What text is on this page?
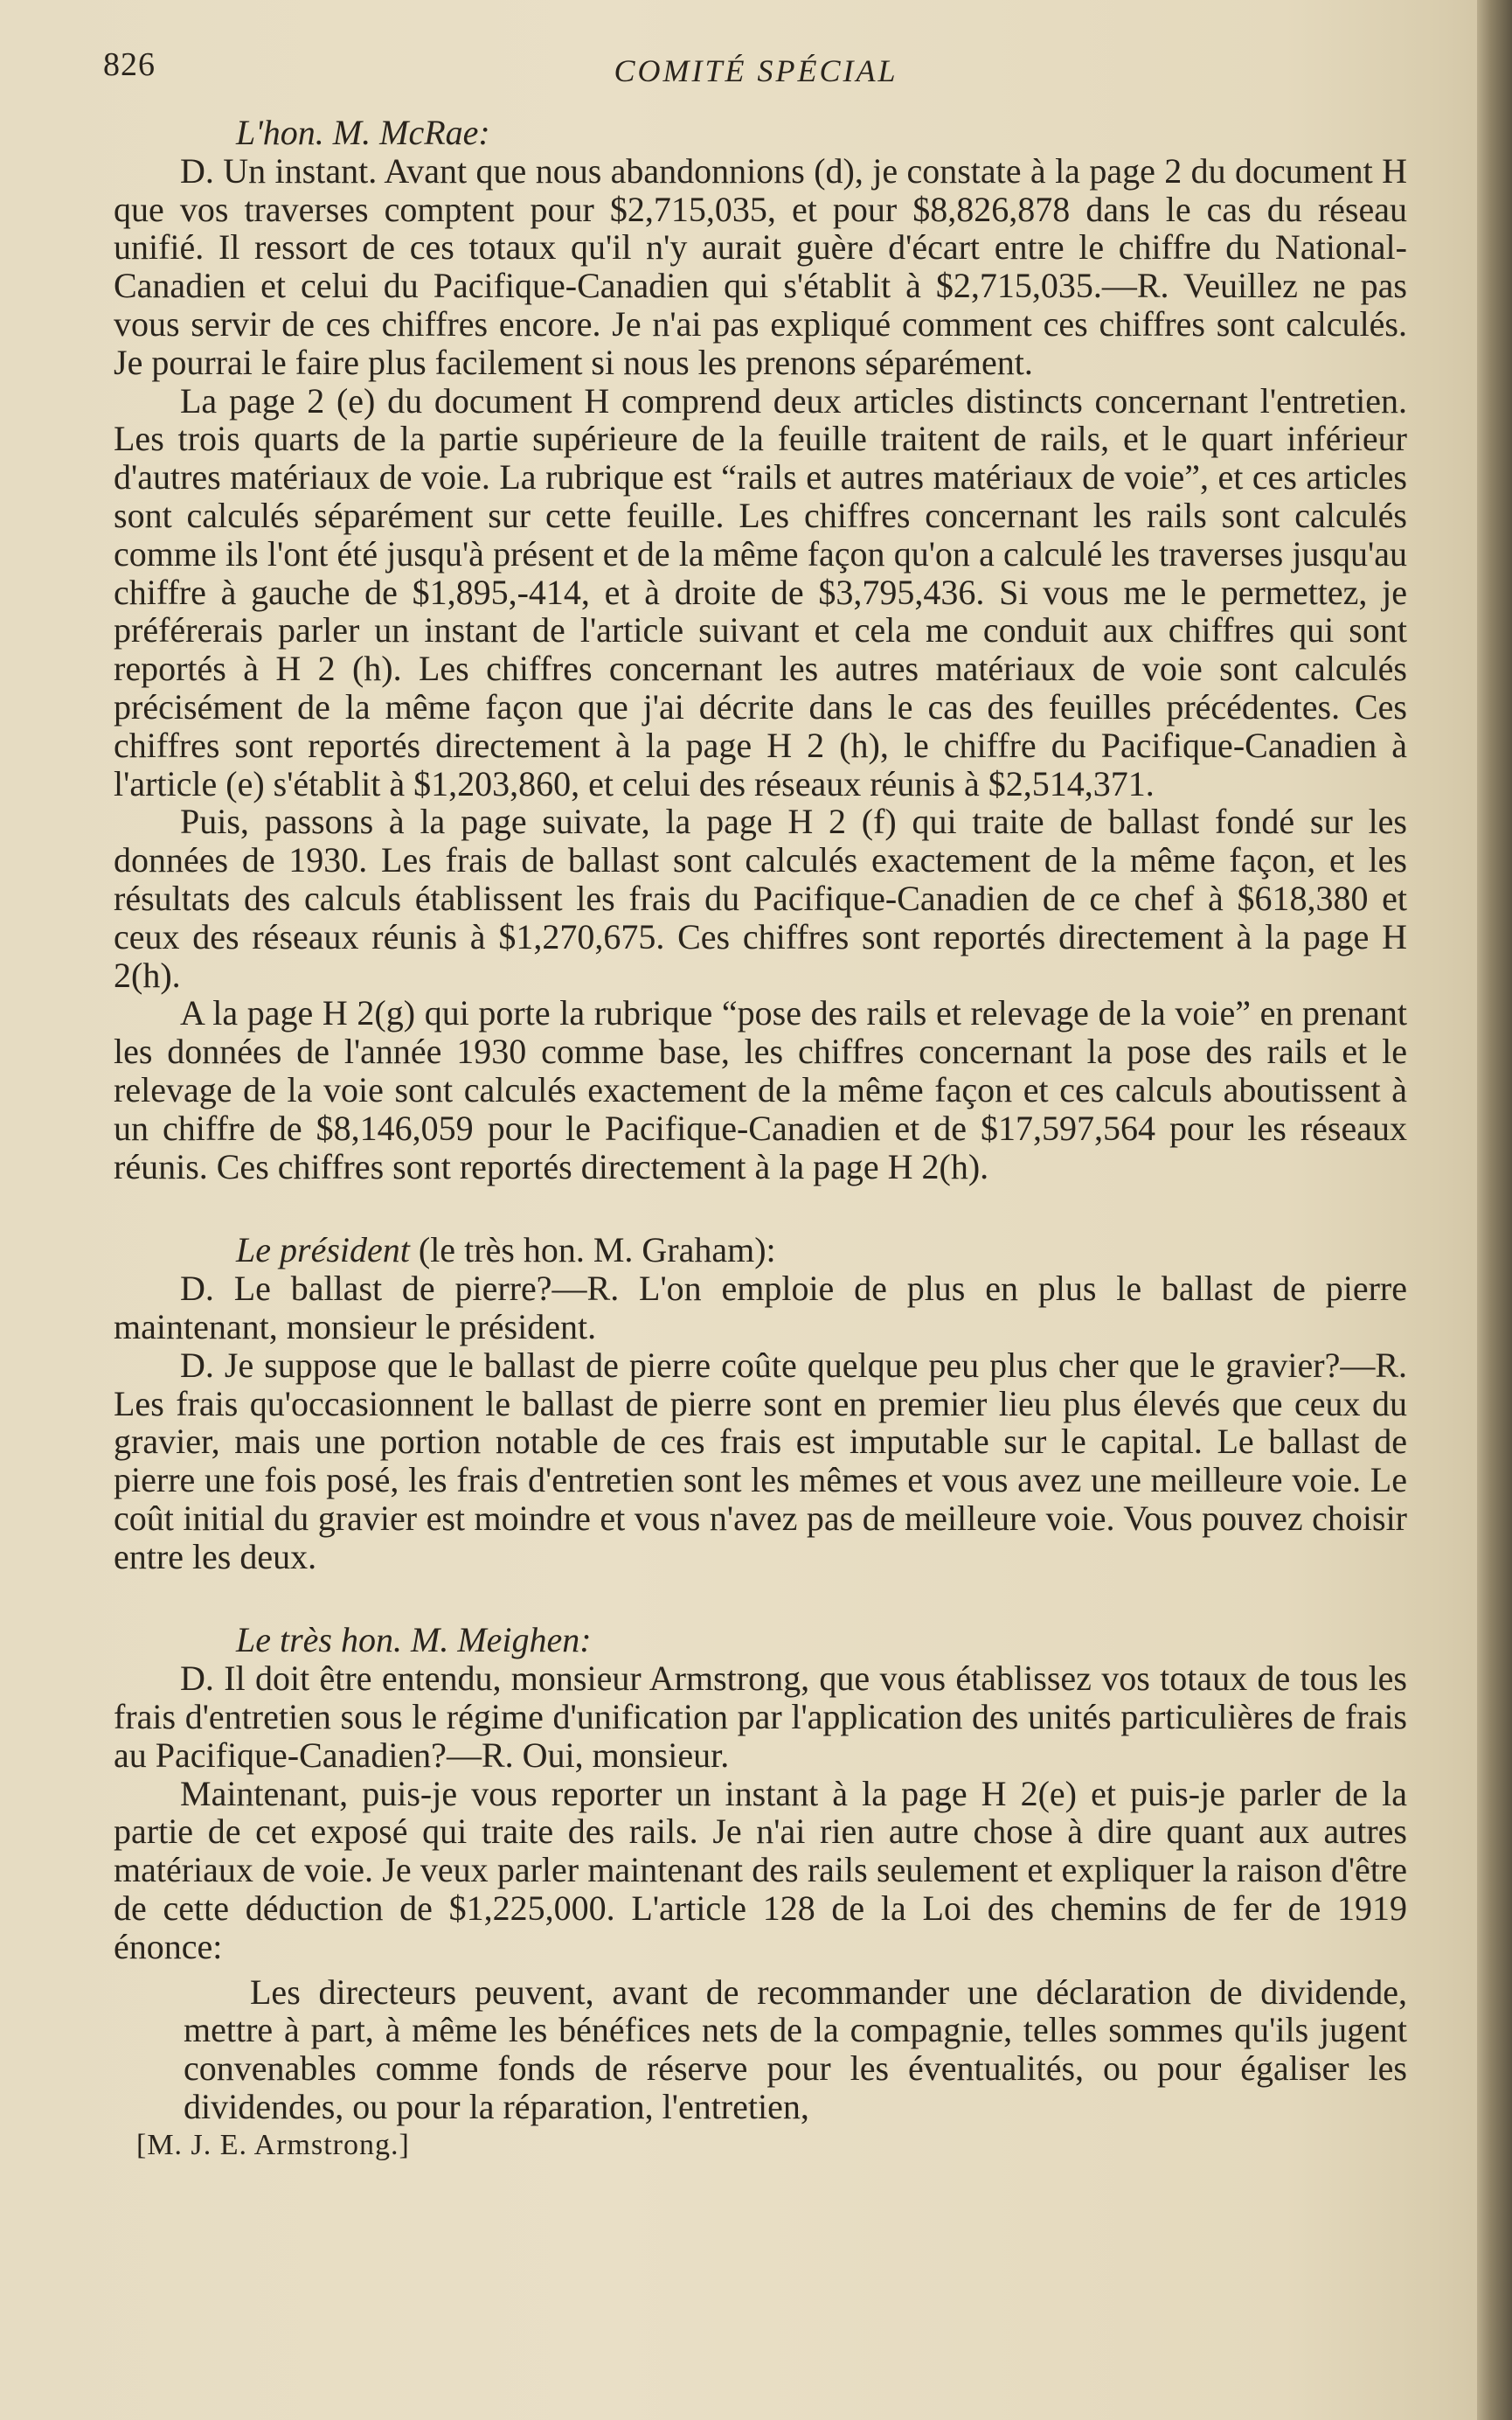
826	COMITÉ SPÉCIAL

L'hon. M. McRae:

D. Un instant. Avant que nous abandonnions (d), je constate à la page 2 du document H que vos traverses comptent pour $2,715,035, et pour $8,826,878 dans le cas du réseau unifié. Il ressort de ces totaux qu'il n'y aurait guère d'écart entre le chiffre du National-Canadien et celui du Pacifique-Canadien qui s'établit à $2,715,035.—R. Veuillez ne pas vous servir de ces chiffres encore. Je n'ai pas expliqué comment ces chiffres sont calculés. Je pourrai le faire plus facilement si nous les prenons séparément.

La page 2 (e) du document H comprend deux articles distincts concernant l'entretien. Les trois quarts de la partie supérieure de la feuille traitent de rails, et le quart inférieur d'autres matériaux de voie. La rubrique est “rails et autres matériaux de voie”, et ces articles sont calculés séparément sur cette feuille. Les chiffres concernant les rails sont calculés comme ils l'ont été jusqu'à présent et de la même façon qu'on a calculé les traverses jusqu'au chiffre à gauche de $1,895,-414, et à droite de $3,795,436. Si vous me le permettez, je préférerais parler un instant de l'article suivant et cela me conduit aux chiffres qui sont reportés à H 2 (h). Les chiffres concernant les autres matériaux de voie sont calculés précisément de la même façon que j'ai décrite dans le cas des feuilles précédentes. Ces chiffres sont reportés directement à la page H 2 (h), le chiffre du Pacifique-Canadien à l'article (e) s'établit à $1,203,860, et celui des réseaux réunis à $2,514,371.

Puis, passons à la page suivate, la page H 2 (f) qui traite de ballast fondé sur les données de 1930. Les frais de ballast sont calculés exactement de la même façon, et les résultats des calculs établissent les frais du Pacifique-Canadien de ce chef à $618,380 et ceux des réseaux réunis à $1,270,675. Ces chiffres sont reportés directement à la page H 2(h).

A la page H 2(g) qui porte la rubrique “pose des rails et relevage de la voie” en prenant les données de l'année 1930 comme base, les chiffres concernant la pose des rails et le relevage de la voie sont calculés exactement de la même façon et ces calculs aboutissent à un chiffre de $8,146,059 pour le Pacifique-Canadien et de $17,597,564 pour les réseaux réunis. Ces chiffres sont reportés directement à la page H 2(h).

Le président (le très hon. M. Graham):

D. Le ballast de pierre?—R. L'on emploie de plus en plus le ballast de pierre maintenant, monsieur le président.

D. Je suppose que le ballast de pierre coûte quelque peu plus cher que le gravier?—R. Les frais qu'occasionnent le ballast de pierre sont en premier lieu plus élevés que ceux du gravier, mais une portion notable de ces frais est imputable sur le capital. Le ballast de pierre une fois posé, les frais d'entretien sont les mêmes et vous avez une meilleure voie. Le coût initial du gravier est moindre et vous n'avez pas de meilleure voie. Vous pouvez choisir entre les deux.

Le très hon. M. Meighen:

D. Il doit être entendu, monsieur Armstrong, que vous établissez vos totaux de tous les frais d'entretien sous le régime d'unification par l'application des unités particulières de frais au Pacifique-Canadien?—R. Oui, monsieur.

Maintenant, puis-je vous reporter un instant à la page H 2(e) et puis-je parler de la partie de cet exposé qui traite des rails. Je n'ai rien autre chose à dire quant aux autres matériaux de voie. Je veux parler maintenant des rails seulement et expliquer la raison d'être de cette déduction de $1,225,000. L'article 128 de la Loi des chemins de fer de 1919 énonce:

Les directeurs peuvent, avant de recommander une déclaration de dividende, mettre à part, à même les bénéfices nets de la compagnie, telles sommes qu'ils jugent convenables comme fonds de réserve pour les éventualités, ou pour égaliser les dividendes, ou pour la réparation, l'entretien,

[M. J. E. Armstrong.]
